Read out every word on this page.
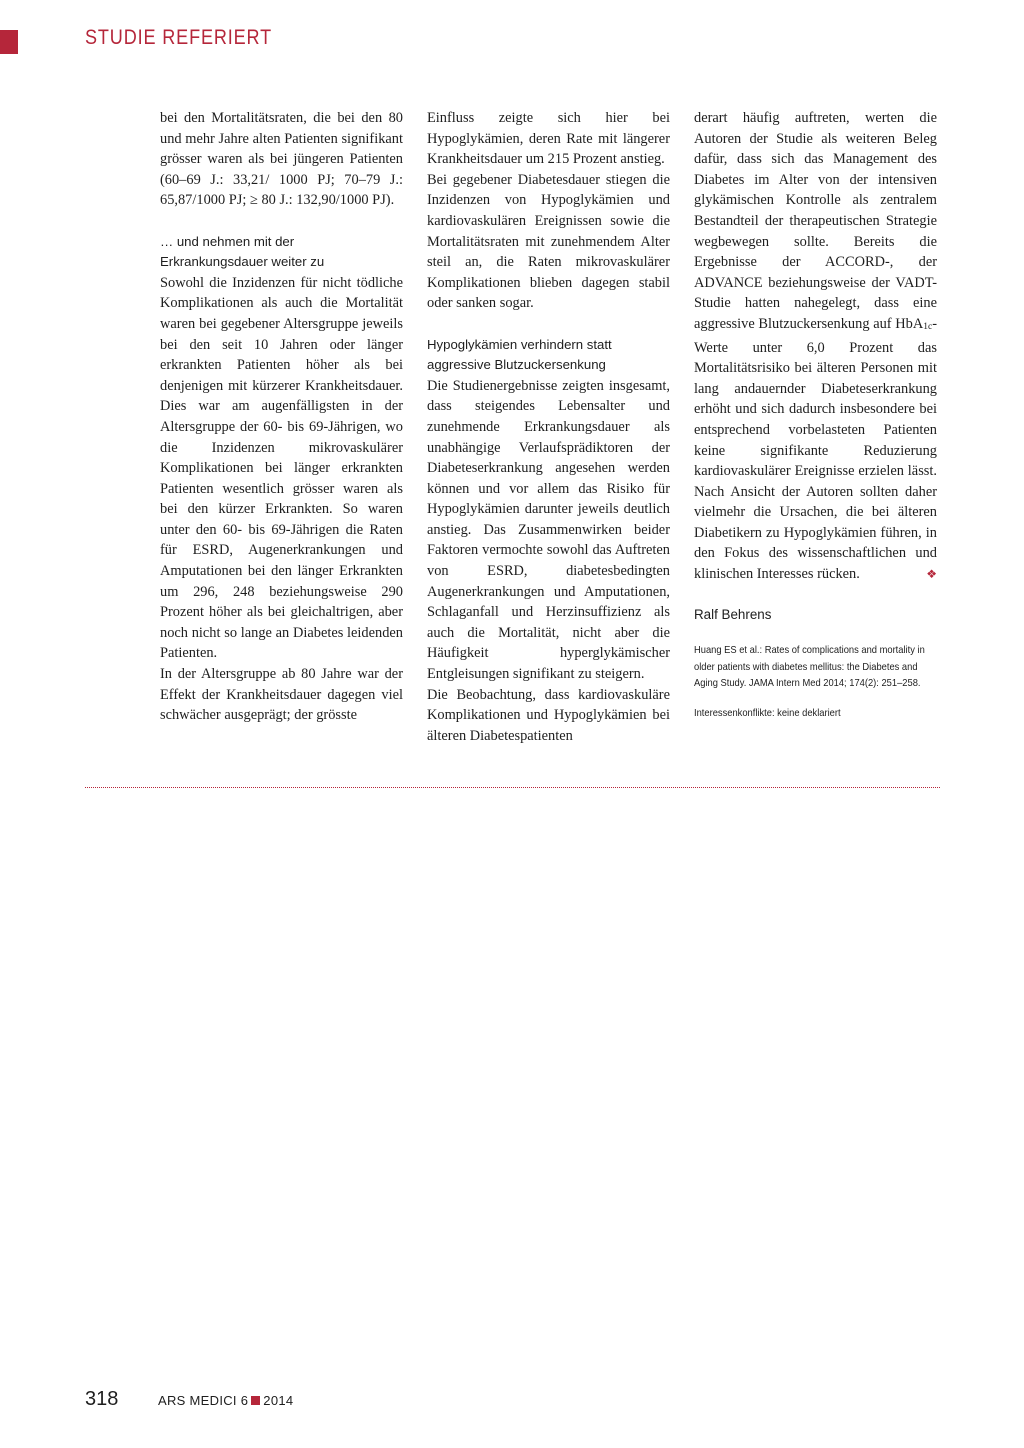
STUDIE REFERIERT

bei den Mortalitätsraten, die bei den 80 und mehr Jahre alten Patienten signifikant grösser waren als bei jüngeren Patienten (60–69 J.: 33,21/ 1000 PJ; 70–79 J.: 65,87/1000 PJ; ≥ 80 J.: 132,90/1000 PJ).

… und nehmen mit der Erkrankungsdauer weiter zu

Sowohl die Inzidenzen für nicht tödliche Komplikationen als auch die Mortalität waren bei gegebener Altersgruppe jeweils bei den seit 10 Jahren oder länger erkrankten Patienten höher als bei denjenigen mit kürzerer Krankheitsdauer. Dies war am augenfälligsten in der Altersgruppe der 60- bis 69-Jährigen, wo die Inzidenzen mikrovaskulärer Komplikationen bei länger erkrankten Patienten wesentlich grösser waren als bei den kürzer Erkrankten. So waren unter den 60- bis 69-Jährigen die Raten für ESRD, Augenerkrankungen und Amputationen bei den länger Erkrankten um 296, 248 beziehungsweise 290 Prozent höher als bei gleichaltrigen, aber noch nicht so lange an Diabetes leidenden Patienten.

In der Altersgruppe ab 80 Jahre war der Effekt der Krankheitsdauer dagegen viel schwächer ausgeprägt; der grösste

Einfluss zeigte sich hier bei Hypoglykämien, deren Rate mit längerer Krankheitsdauer um 215 Prozent anstieg.

Bei gegebener Diabetesdauer stiegen die Inzidenzen von Hypoglykämien und kardiovaskulären Ereignissen sowie die Mortalitätsraten mit zunehmendem Alter steil an, die Raten mikrovaskulärer Komplikationen blieben dagegen stabil oder sanken sogar.

Hypoglykämien verhindern statt aggressive Blutzuckersenkung

Die Studienergebnisse zeigten insgesamt, dass steigendes Lebensalter und zunehmende Erkrankungsdauer als unabhängige Verlaufsprädiktoren der Diabeteserkrankung angesehen werden können und vor allem das Risiko für Hypoglykämien darunter jeweils deutlich anstieg. Das Zusammenwirken beider Faktoren vermochte sowohl das Auftreten von ESRD, diabetesbedingten Augenerkrankungen und Amputationen, Schlaganfall und Herzinsuffizienz als auch die Mortalität, nicht aber die Häufigkeit hyperglykämischer Entgleisungen signifikant zu steigern.

Die Beobachtung, dass kardiovaskuläre Komplikationen und Hypoglykämien bei älteren Diabetespatienten

derart häufig auftreten, werten die Autoren der Studie als weiteren Beleg dafür, dass sich das Management des Diabetes im Alter von der intensiven glykämischen Kontrolle als zentralem Bestandteil der therapeutischen Strategie wegbewegen sollte. Bereits die Ergebnisse der ACCORD-, der ADVANCE beziehungsweise der VADT-Studie hatten nahegelegt, dass eine aggressive Blutzuckersenkung auf HbA1c-Werte unter 6,0 Prozent das Mortalitätsrisiko bei älteren Personen mit lang andauernder Diabeteserkrankung erhöht und sich dadurch insbesondere bei entsprechend vorbelasteten Patienten keine signifikante Reduzierung kardiovaskulärer Ereignisse erzielen lässt. Nach Ansicht der Autoren sollten daher vielmehr die Ursachen, die bei älteren Diabetikern zu Hypoglykämien führen, in den Fokus des wissenschaftlichen und klinischen Interesses rücken.	❖

Ralf Behrens

Huang ES et al.: Rates of complications and mortality in older patients with diabetes mellitus: the Diabetes and Aging Study. JAMA Intern Med 2014; 174(2): 251–258.

Interessenkonflikte: keine deklariert

318	ARS MEDICI 6 2014
